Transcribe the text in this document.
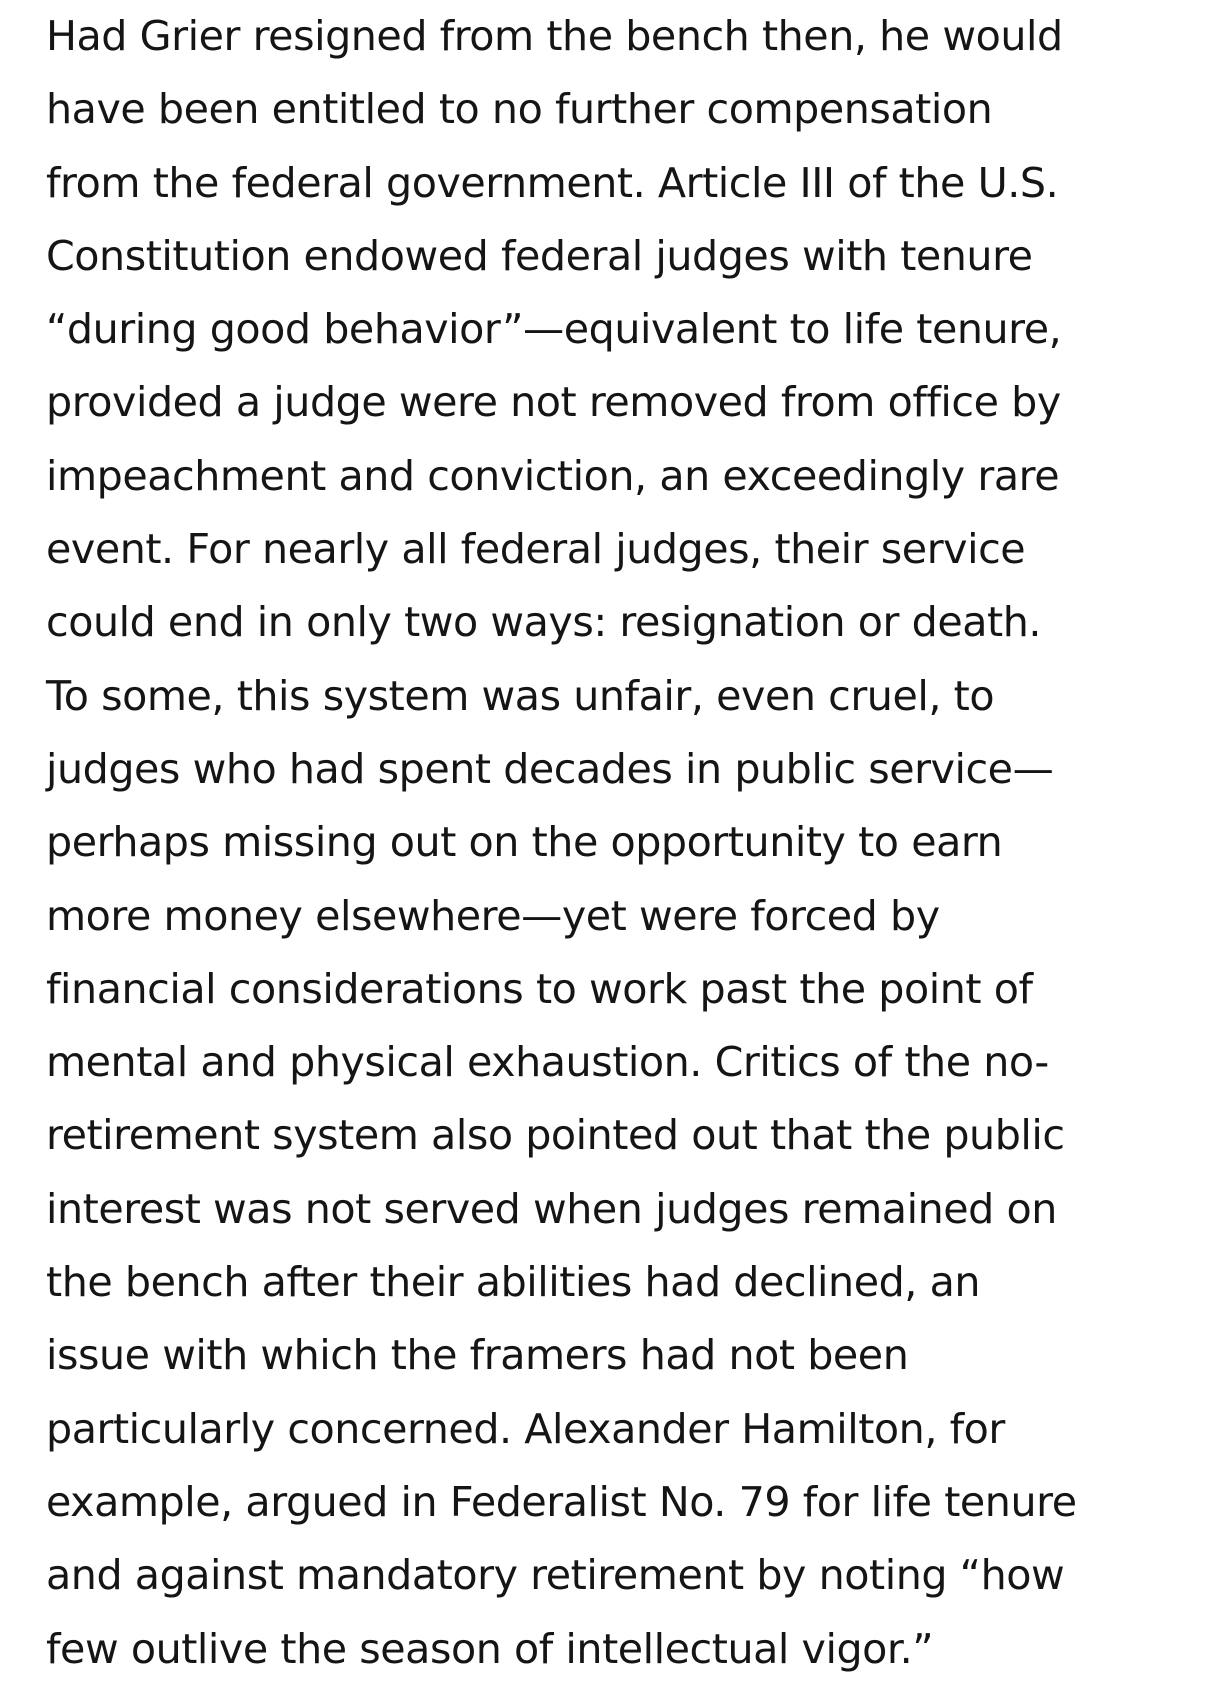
Had Grier resigned from the bench then, he would
have been entitled to no further compensation
from the federal government. Article III of the U.S.
Constitution endowed federal judges with tenure
“during good behavior”—equivalent to life tenure,
provided a judge were not removed from office by
impeachment and conviction, an exceedingly rare
event. For nearly all federal judges, their service
could end in only two ways: resignation or death.
To some, this system was unfair, even cruel, to
judges who had spent decades in public service—
perhaps missing out on the opportunity to earn
more money elsewhere—yet were forced by
financial considerations to work past the point of
mental and physical exhaustion. Critics of the no-
retirement system also pointed out that the public
interest was not served when judges remained on
the bench after their abilities had declined, an
issue with which the framers had not been
particularly concerned. Alexander Hamilton, for
example, argued in Federalist No. 79 for life tenure
and against mandatory retirement by noting “how
few outlive the season of intellectual vigor.”
